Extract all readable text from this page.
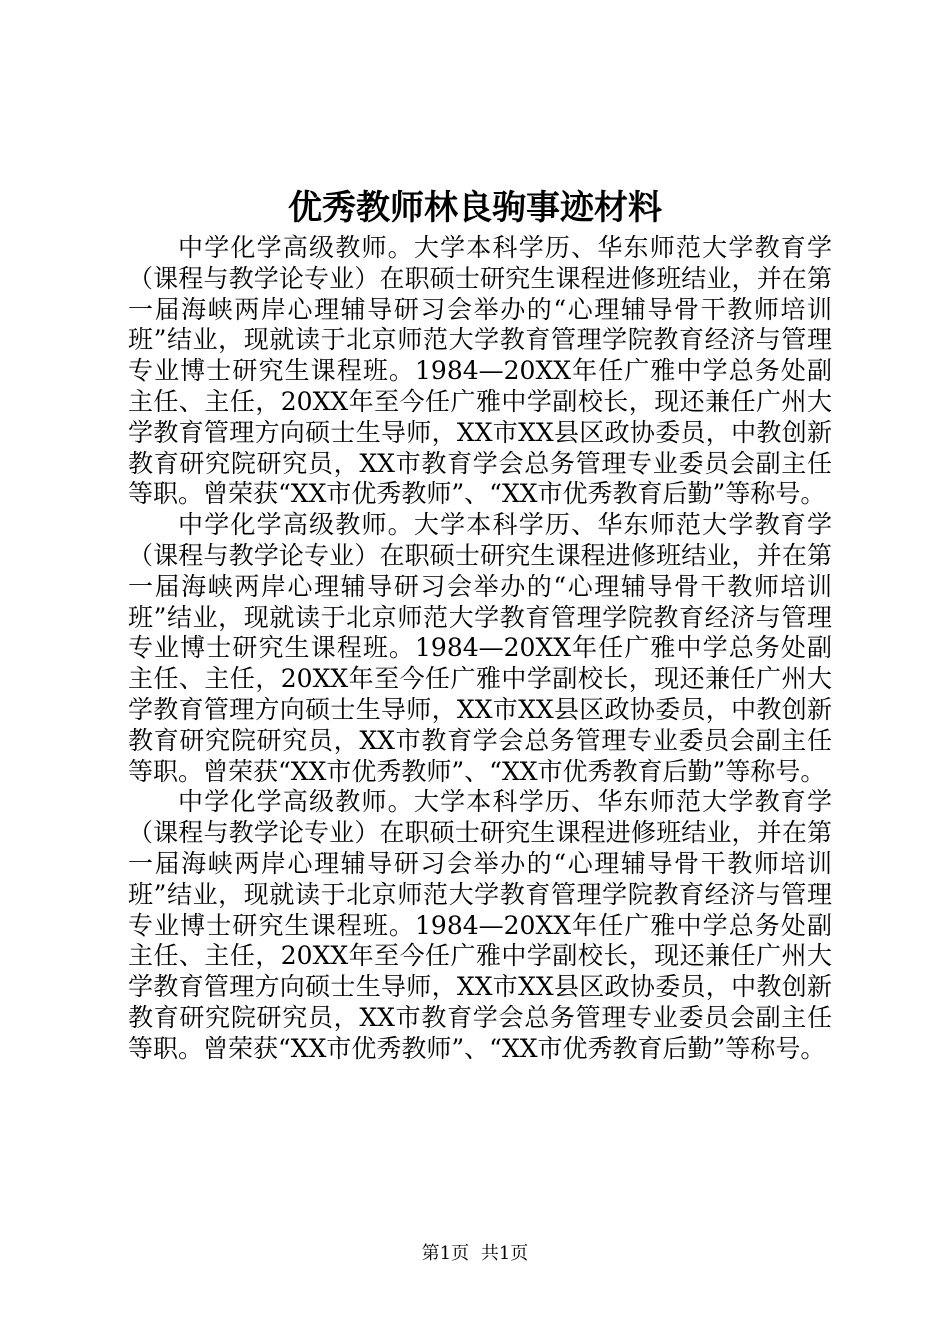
优秀教师林良驹事迹材料

中学化学高级教师。大学本科学历、华东师范大学教育学（课程与教学论专业）在职硕士研究生课程进修班结业，并在第一届海峡两岸心理辅导研习会举办的“心理辅导骨干教师培训班”结业，现就读于北京师范大学教育管理学院教育经济与管理专业博士研究生课程班。1984—20XX年任广雅中学总务处副主任、主任，20XX年至今任广雅中学副校长，现还兼任广州大学教育管理方向硕士生导师，XX市XX县区政协委员，中教创新教育研究院研究员，XX市教育学会总务管理专业委员会副主任等职。曾荣获“XX市优秀教师”、“XX市优秀教育后勤”等称号。

中学化学高级教师。大学本科学历、华东师范大学教育学（课程与教学论专业）在职硕士研究生课程进修班结业，并在第一届海峡两岸心理辅导研习会举办的“心理辅导骨干教师培训班”结业，现就读于北京师范大学教育管理学院教育经济与管理专业博士研究生课程班。1984—20XX年任广雅中学总务处副主任、主任，20XX年至今任广雅中学副校长，现还兼任广州大学教育管理方向硕士生导师，XX市XX县区政协委员，中教创新教育研究院研究员，XX市教育学会总务管理专业委员会副主任等职。曾荣获“XX市优秀教师”、“XX市优秀教育后勤”等称号。

中学化学高级教师。大学本科学历、华东师范大学教育学（课程与教学论专业）在职硕士研究生课程进修班结业，并在第一届海峡两岸心理辅导研习会举办的“心理辅导骨干教师培训班”结业，现就读于北京师范大学教育管理学院教育经济与管理专业博士研究生课程班。1984—20XX年任广雅中学总务处副主任、主任，20XX年至今任广雅中学副校长，现还兼任广州大学教育管理方向硕士生导师，XX市XX县区政协委员，中教创新教育研究院研究员，XX市教育学会总务管理专业委员会副主任等职。曾荣获“XX市优秀教师”、“XX市优秀教育后勤”等称号。

第1页 共1页
